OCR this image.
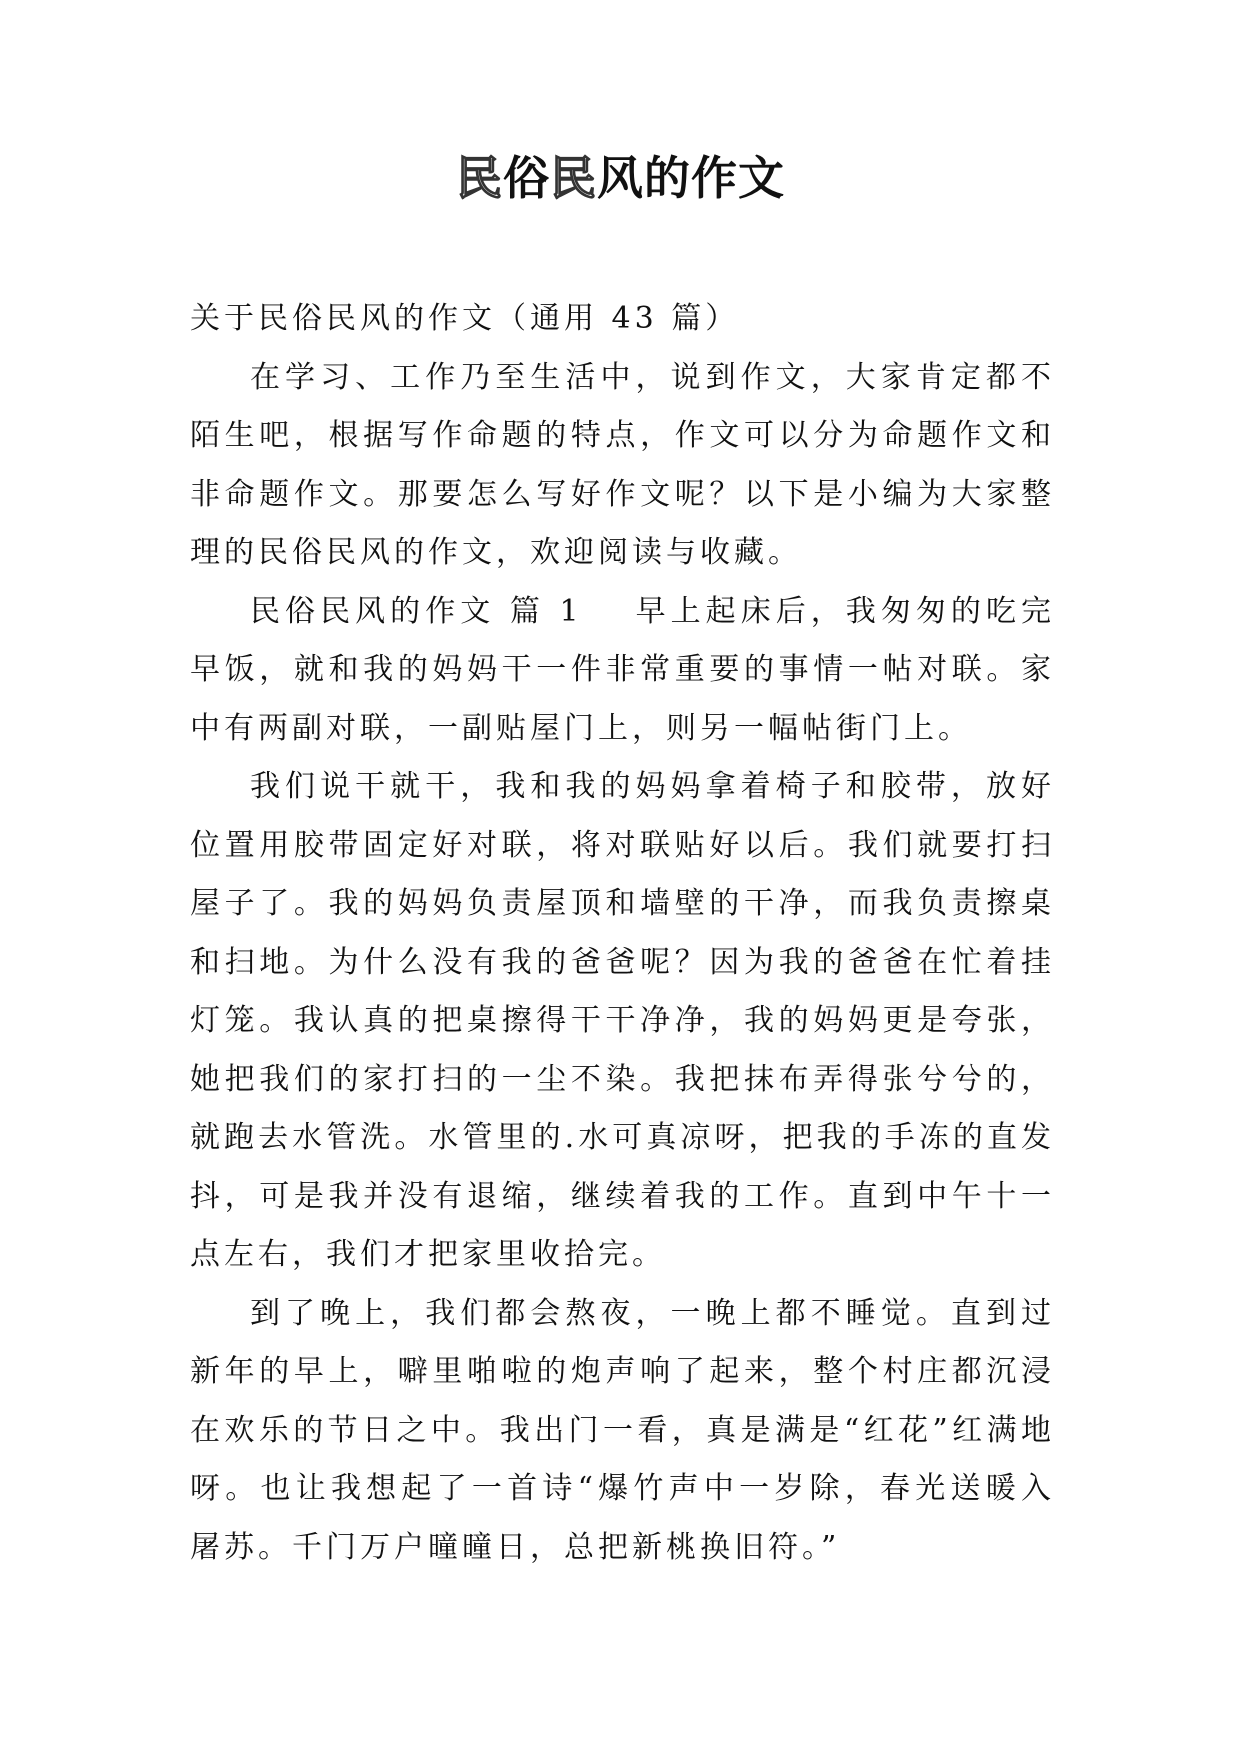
民俗民风的作文

关于民俗民风的作文（通用 43 篇）

在学习、工作乃至生活中，说到作文，大家肯定都不陌生吧，根据写作命题的特点，作文可以分为命题作文和非命题作文。那要怎么写好作文呢？以下是小编为大家整理的民俗民风的作文，欢迎阅读与收藏。

民俗民风的作文 篇 1 早上起床后，我匆匆的吃完早饭，就和我的妈妈干一件非常重要的事情一帖对联。家中有两副对联，一副贴屋门上，则另一幅帖街门上。

我们说干就干，我和我的妈妈拿着椅子和胶带，放好位置用胶带固定好对联，将对联贴好以后。我们就要打扫屋子了。我的妈妈负责屋顶和墙壁的干净，而我负责擦桌和扫地。为什么没有我的爸爸呢？因为我的爸爸在忙着挂灯笼。我认真的把桌擦得干干净净，我的妈妈更是夸张，她把我们的家打扫的一尘不染。我把抹布弄得张兮兮的，就跑去水管洗。水管里的.水可真凉呀，把我的手冻的直发抖，可是我并没有退缩，继续着我的工作。直到中午十一点左右，我们才把家里收拾完。

到了晚上，我们都会熬夜，一晚上都不睡觉。直到过新年的早上，噼里啪啦的炮声响了起来，整个村庄都沉浸在欢乐的节日之中。我出门一看，真是满是“红花”红满地呀。也让我想起了一首诗“爆竹声中一岁除，春光送暖入屠苏。千门万户曈曈日，总把新桃换旧符。”
